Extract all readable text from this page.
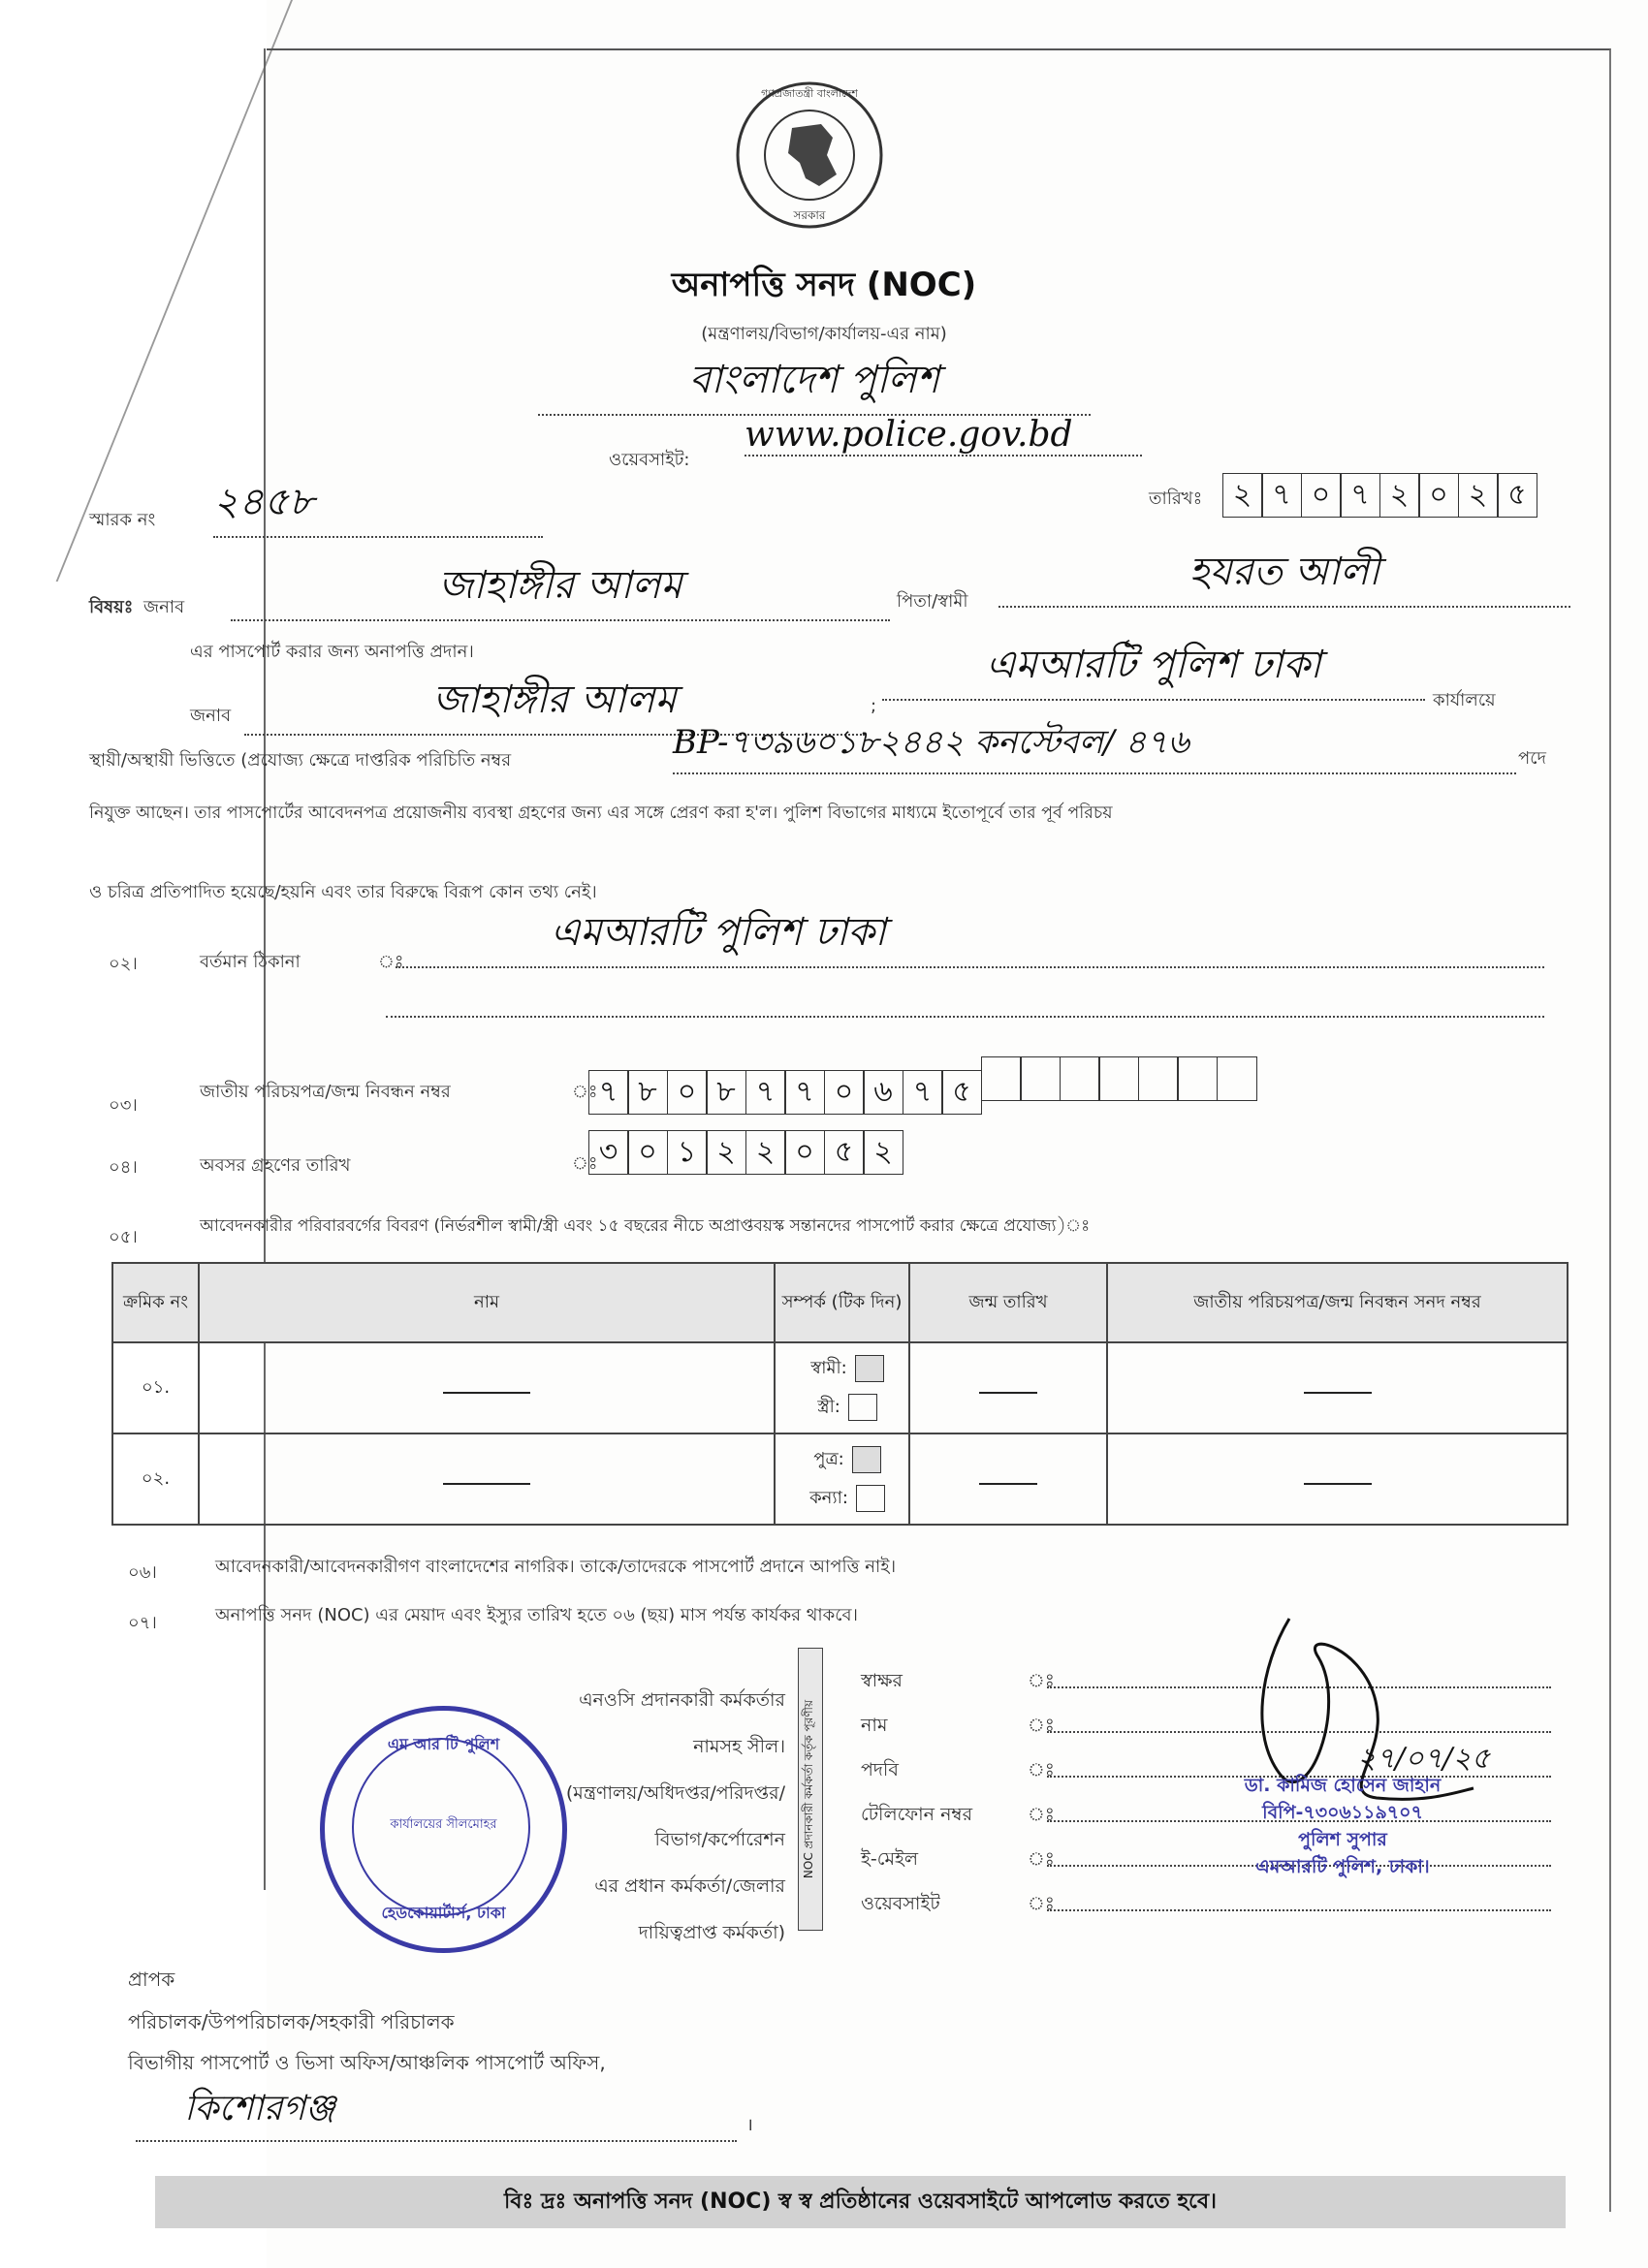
গণপ্রজাতন্ত্রী বাংলাদেশ
সরকার
অনাপত্তি সনদ (NOC)
(মন্ত্রণালয়/বিভাগ/কার্যালয়-এর নাম)
বাংলাদেশ পুলিশ
ওয়েবসাইট:
www.police.gov.bd
স্মারক নং ২৪৫৮	তারিখঃ	২ ৭ ০ ৭ ২ ০ ২ ৫
বিষয়ঃ জনাব	জাহাঙ্গীর আলম	পিতা/স্বামী
হযরত আলী
এর পাসপোর্ট করার জন্য অনাপত্তি প্রদান।
জনাব	জাহাঙ্গীর আলম	;
এমআরটি পুলিশ ঢাকা
কার্যালয়ে
স্থায়ী/অস্থায়ী ভিত্তিতে (প্রযোজ্য ক্ষেত্রে দাপ্তরিক পরিচিতি নম্বর	BP-৭৩৯৬০১৮২৪৪২ কনস্টেবল/ ৪৭৬	পদে
নিযুক্ত আছেন। তার পাসপোর্টের আবেদনপত্র প্রয়োজনীয় ব্যবস্থা গ্রহণের জন্য এর সঙ্গে প্রেরণ করা হ'ল। পুলিশ বিভাগের মাধ্যমে ইতোপূর্বে তার পূর্ব পরিচয়
ও চরিত্র প্রতিপাদিত হয়েছে/হয়নি এবং তার বিরুদ্ধে বিরূপ কোন তথ্য নেই।
০২।	বর্তমান ঠিকানা	ঃ
এমআরটি পুলিশ ঢাকা
০৩।
জাতীয় পরিচয়পত্র/জন্ম নিবন্ধন নম্বর	ঃ ৭ ৮ ০ ৮ ৭ ৭ ০ ৬ ৭ ৫
০৪।	অবসর গ্রহণের তারিখ	ঃ ৩ ০ ১ ২ ২ ০ ৫ ২
০৫।
আবেদনকারীর পরিবারবর্গের বিবরণ (নির্ভরশীল স্বামী/স্ত্রী এবং ১৫ বছরের নীচে অপ্রাপ্তবয়স্ক সন্তানদের পাসপোর্ট করার ক্ষেত্রে প্রযোজ্য)ঃ
ক্রমিক নং	নাম	সম্পর্ক (টিক দিন)	জন্ম তারিখ	জাতীয় পরিচয়পত্র/জন্ম নিবন্ধন সনদ নম্বর
০১.		স্বামী:
স্ত্রী:		
০২.		পুত্র:
কন্যা:		
০৬।	আবেদনকারী/আবেদনকারীগণ বাংলাদেশের নাগরিক। তাকে/তাদেরকে পাসপোর্ট প্রদানে আপত্তি নাই।
০৭।	অনাপত্তি সনদ (NOC) এর মেয়াদ এবং ইস্যুর তারিখ হতে ০৬ (ছয়) মাস পর্যন্ত কার্যকর থাকবে।
এনওসি প্রদানকারী কর্মকর্তার
নামসহ সীল।
(মন্ত্রণালয়/অধিদপ্তর/পরিদপ্তর/
বিভাগ/কর্পোরেশন
এর প্রধান কর্মকর্তা/জেলার
দায়িত্বপ্রাপ্ত কর্মকর্তা)
NOC প্রদানকারী কর্মকর্তা কর্তৃক পূরণীয়
স্বাক্ষর	ঃ
নাম	ঃ
পদবি	ঃ
টেলিফোন নম্বর	ঃ
ই-মেইল	ঃ
ওয়েবসাইট	ঃ
২৭/০৭/২৫
ডা. কামিজ হোসেন জাহান
বিপি-৭৩০৬১১৯৭০৭
পুলিশ সুপার
এমআরটি পুলিশ, ঢাকা।
এম আর টি পুলিশ
কার্যালয়ের সীলমোহর
হেডকোয়ার্টার্স, ঢাকা
প্রাপক
পরিচালক/উপপরিচালক/সহকারী পরিচালক
বিভাগীয় পাসপোর্ট ও ভিসা অফিস/আঞ্চলিক পাসপোর্ট অফিস,
কিশোরগঞ্জ	।
বিঃ দ্রঃ অনাপত্তি সনদ (NOC) স্ব স্ব প্রতিষ্ঠানের ওয়েবসাইটে আপলোড করতে হবে।
